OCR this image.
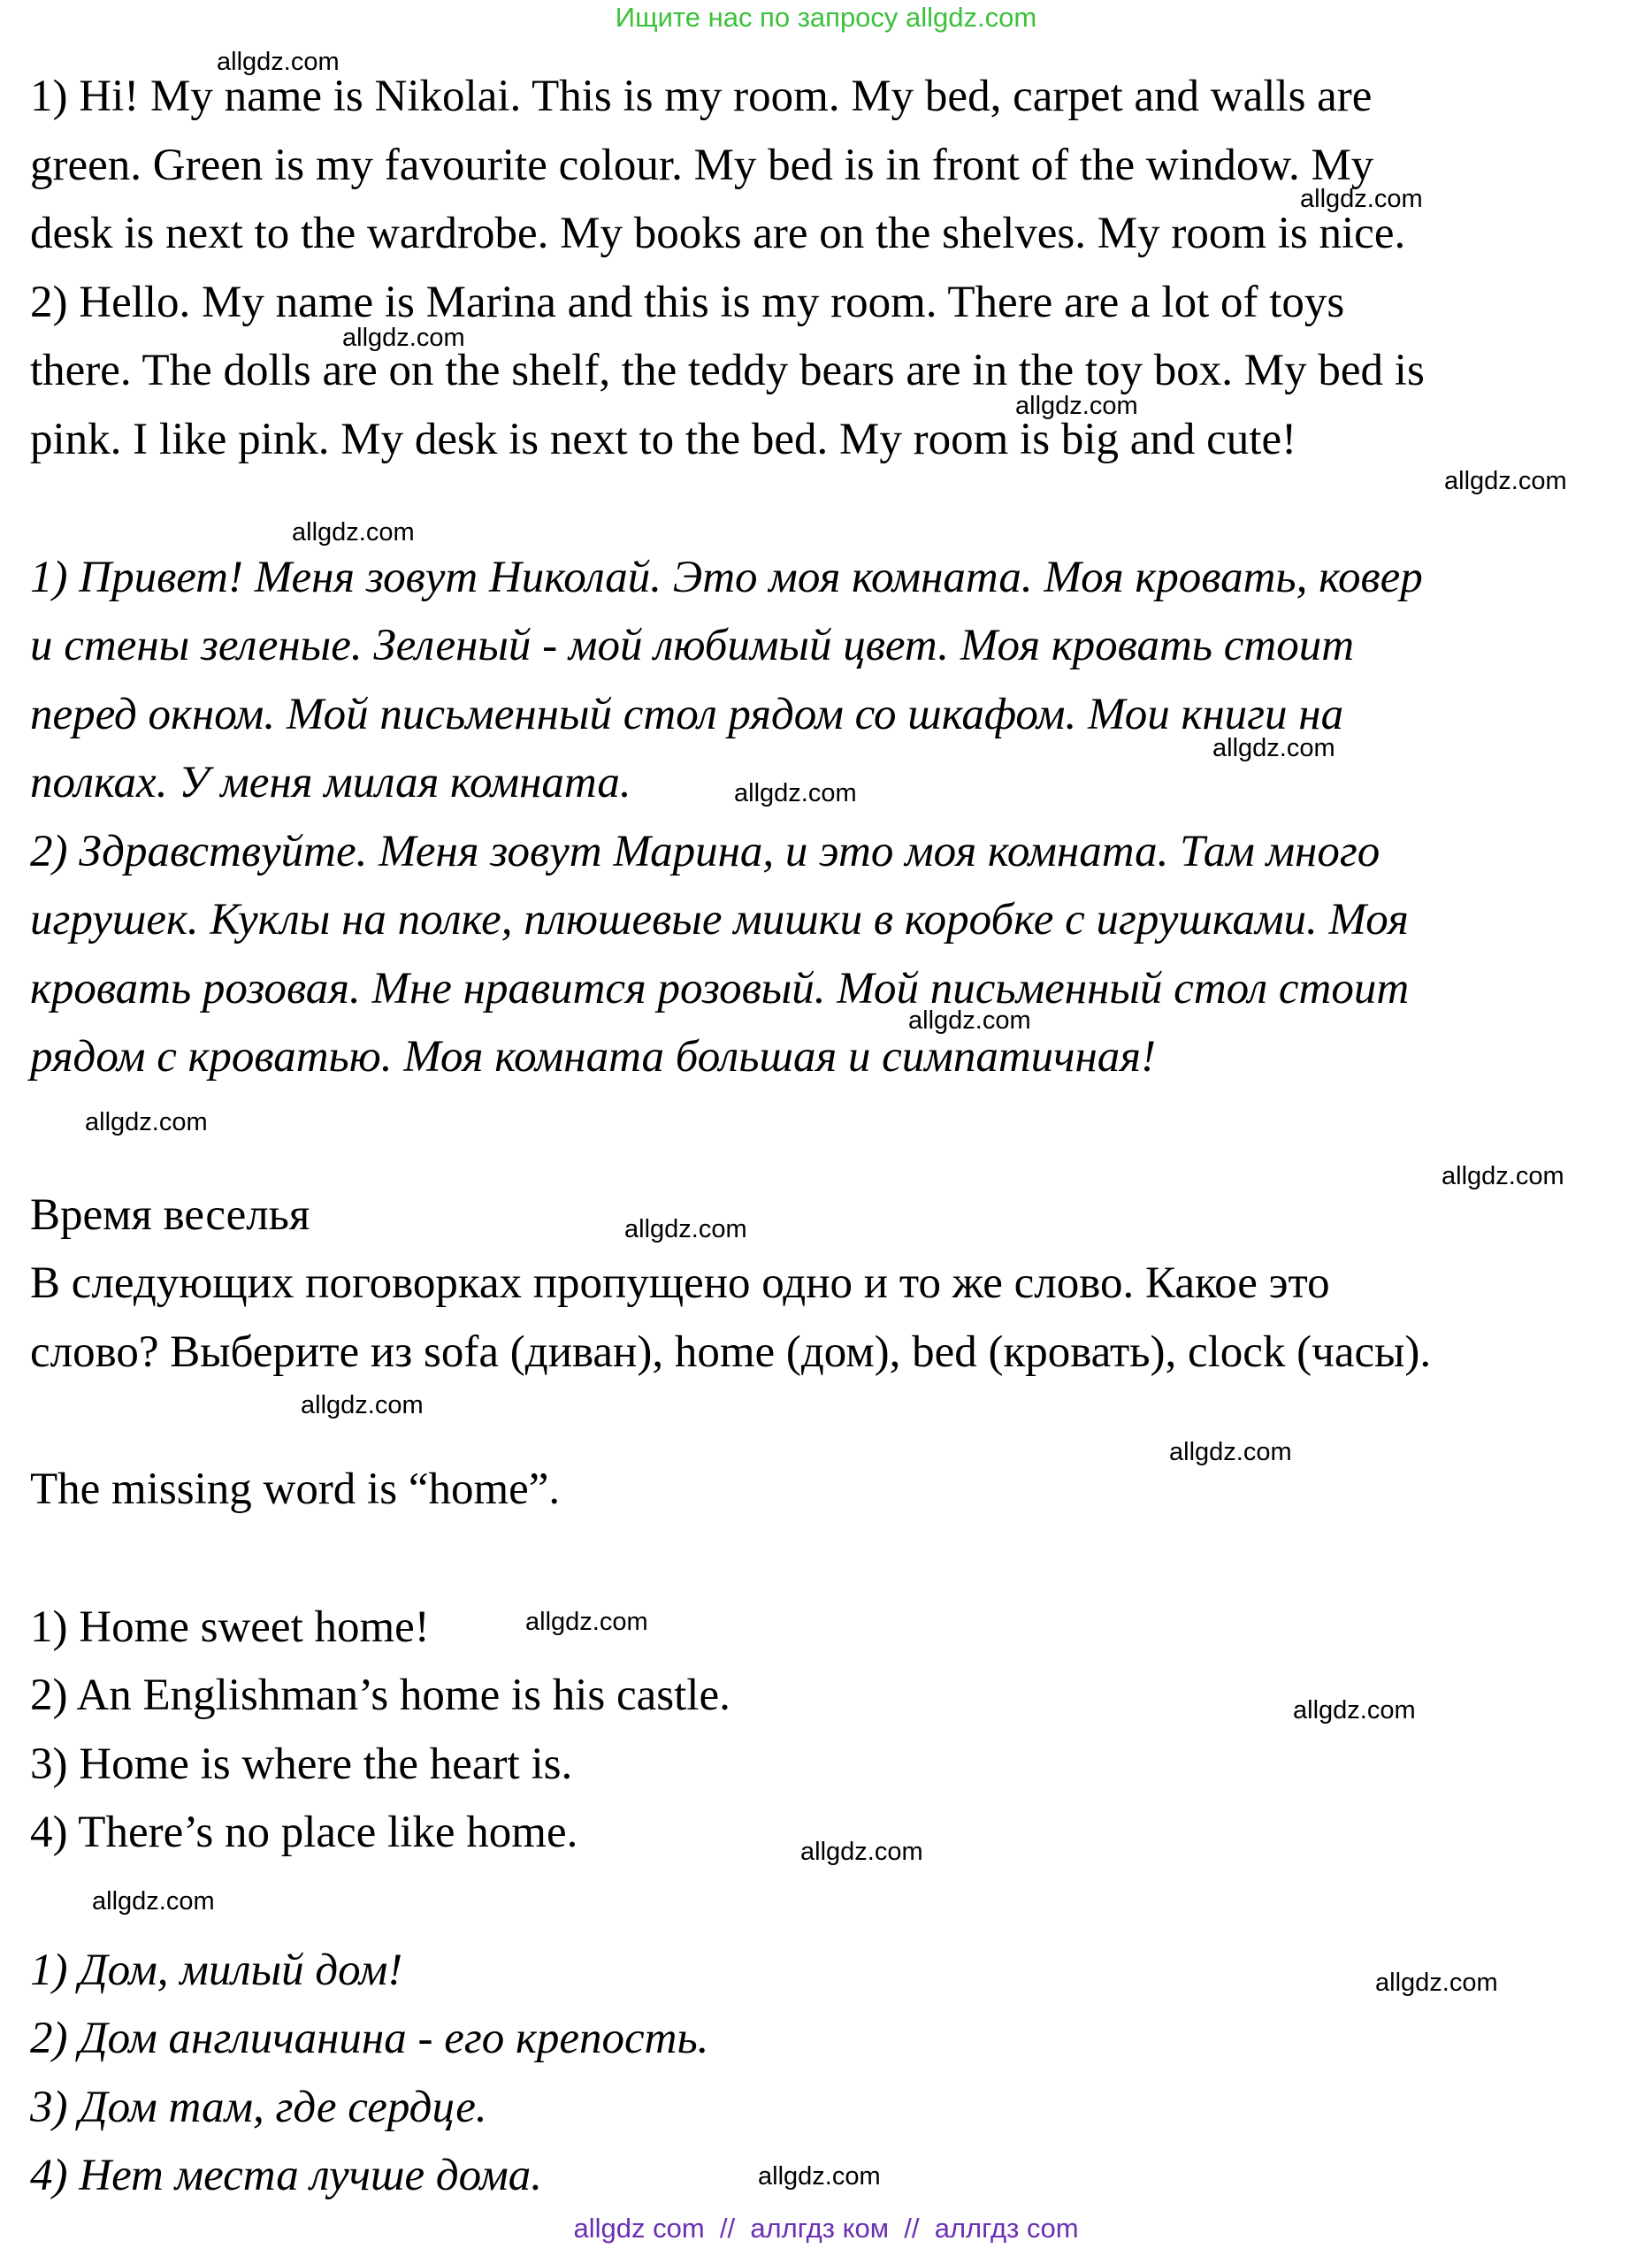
Ищите нас по запросу allgdz.com
1) Hi! My name is Nikolai. This is my room. My bed, carpet and walls are
green. Green is my favourite colour. My bed is in front of the window. My
desk is next to the wardrobe. My books are on the shelves. My room is nice.
2) Hello. My name is Marina and this is my room. There are a lot of toys
there. The dolls are on the shelf, the teddy bears are in the toy box. My bed is
pink. I like pink. My desk is next to the bed. My room is big and cute!
1) Привет! Меня зовут Николай. Это моя комната. Моя кровать, ковер
и стены зеленые. Зеленый - мой любимый цвет. Моя кровать стоит
перед окном. Мой письменный стол рядом со шкафом. Мои книги на
полках. У меня милая комната.
2) Здравствуйте. Меня зовут Марина, и это моя комната. Там много
игрушек. Куклы на полке, плюшевые мишки в коробке с игрушками. Моя
кровать розовая. Мне нравится розовый. Мой письменный стол стоит
рядом с кроватью. Моя комната большая и симпатичная!
Время веселья
В следующих поговорках пропущено одно и то же слово. Какое это
слово? Выберите из sofa (диван), home (дом), bed (кровать), clock (часы).
The missing word is “home”.
1) Home sweet home!
2) An Englishman’s home is his castle.
3) Home is where the heart is.
4) There’s no place like home.
1) Дом, милый дом!
2) Дом англичанина - его крепость.
3) Дом там, где сердце.
4) Нет места лучше дома.
allgdz.com
allgdz.com
allgdz.com
allgdz.com
allgdz.com
allgdz.com
allgdz.com
allgdz.com
allgdz.com
allgdz.com
allgdz.com
allgdz.com
allgdz.com
allgdz.com
allgdz.com
allgdz.com
allgdz.com
allgdz.com
allgdz.com
allgdz.com
allgdz com  //  аллгдз ком  //  аллгдз com
